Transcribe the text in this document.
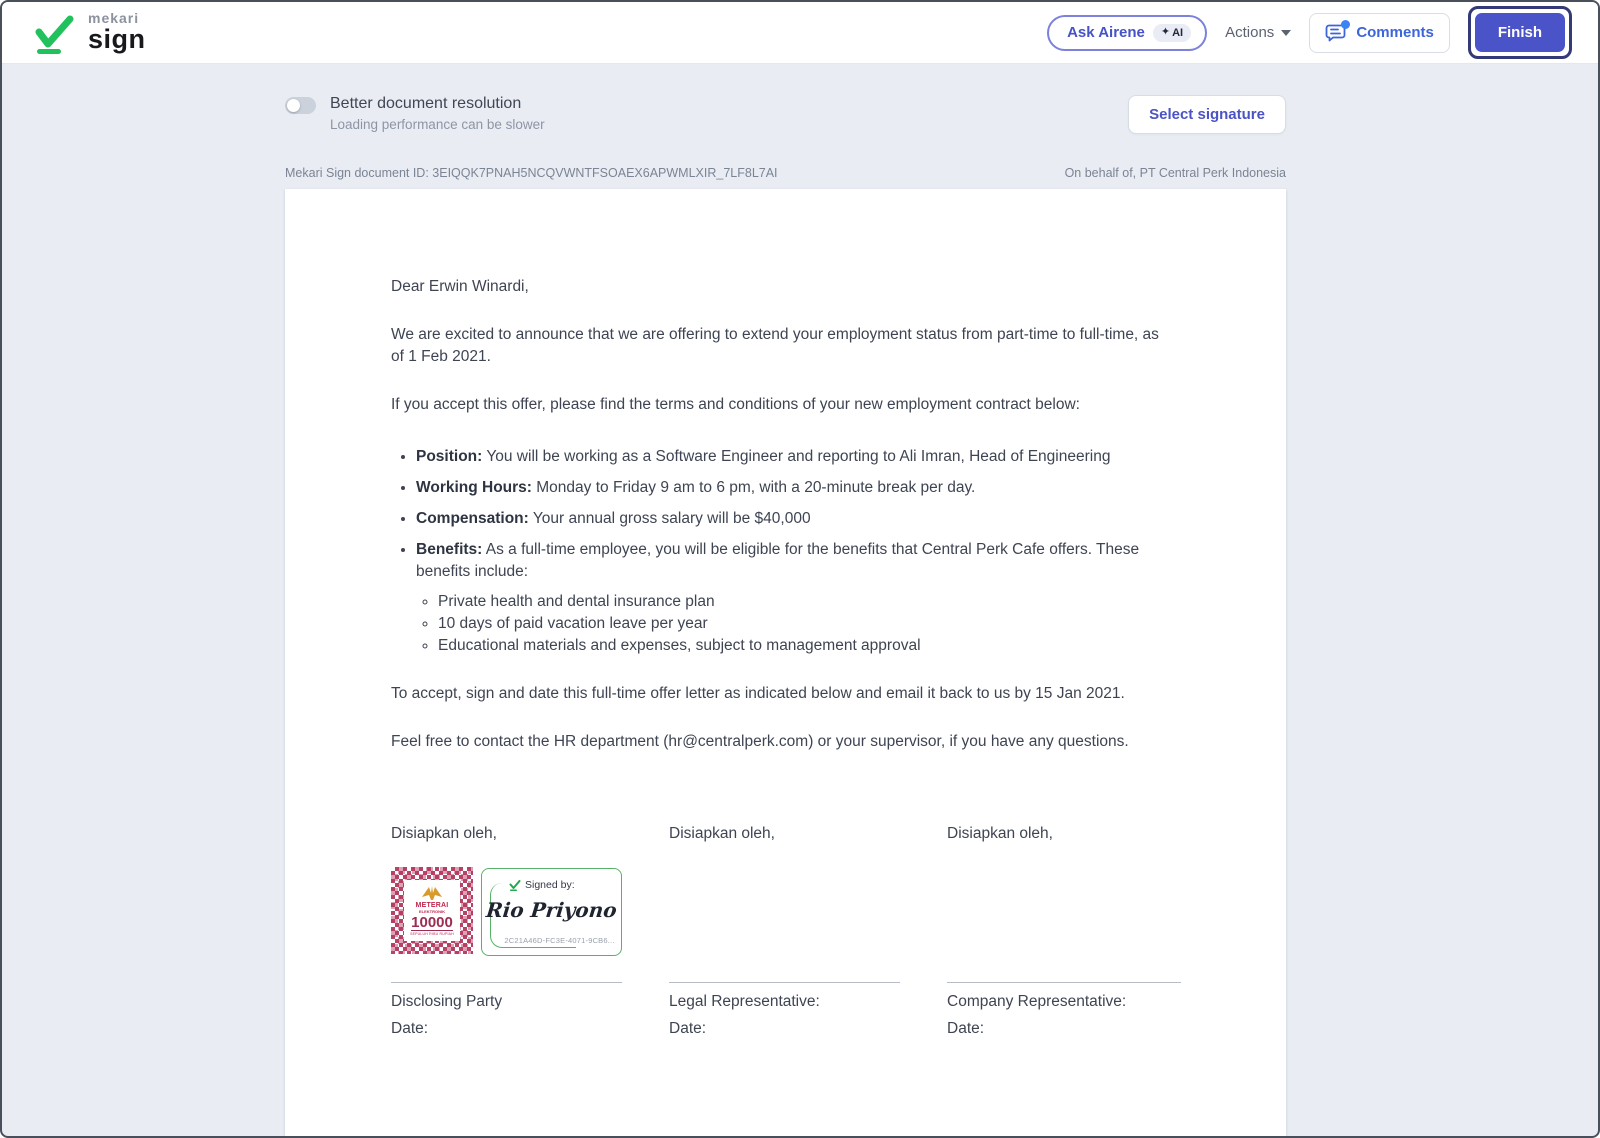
mekari
sign	Ask Airene ✦ AI	Actions	Comments	Finish
Better document resolution
Loading performance can be slower
Select signature
Mekari Sign document ID: 3EIQQK7PNAH5NCQVWNTFSOAEX6APWMLXIR_7LF8L7AI	On behalf of, PT Central Perk Indonesia

Dear Erwin Winardi,

We are excited to announce that we are offering to extend your employment status from part-time to full-time, as of 1 Feb 2021.

If you accept this offer, please find the terms and conditions of your new employment contract below:

• Position: You will be working as a Software Engineer and reporting to Ali Imran, Head of Engineering
• Working Hours: Monday to Friday 9 am to 6 pm, with a 20-minute break per day.
• Compensation: Your annual gross salary will be $40,000
• Benefits: As a full-time employee, you will be eligible for the benefits that Central Perk Cafe offers. These benefits include:
◦ Private health and dental insurance plan
◦ 10 days of paid vacation leave per year
◦ Educational materials and expenses, subject to management approval

To accept, sign and date this full-time offer letter as indicated below and email it back to us by 15 Jan 2021.

Feel free to contact the HR department (hr@centralperk.com) or your supervisor, if you have any questions.

Disiapkan oleh,
METERAI
ELEKTRONIK
10000
SEPULUH RIBU RUPIAH
Signed by:
Rio Priyono
2C21A46D-FC3E-4071-9CB6...
Disclosing Party
Date:
Disiapkan oleh,
Legal Representative:
Date:
Disiapkan oleh,
Company Representative:
Date:
